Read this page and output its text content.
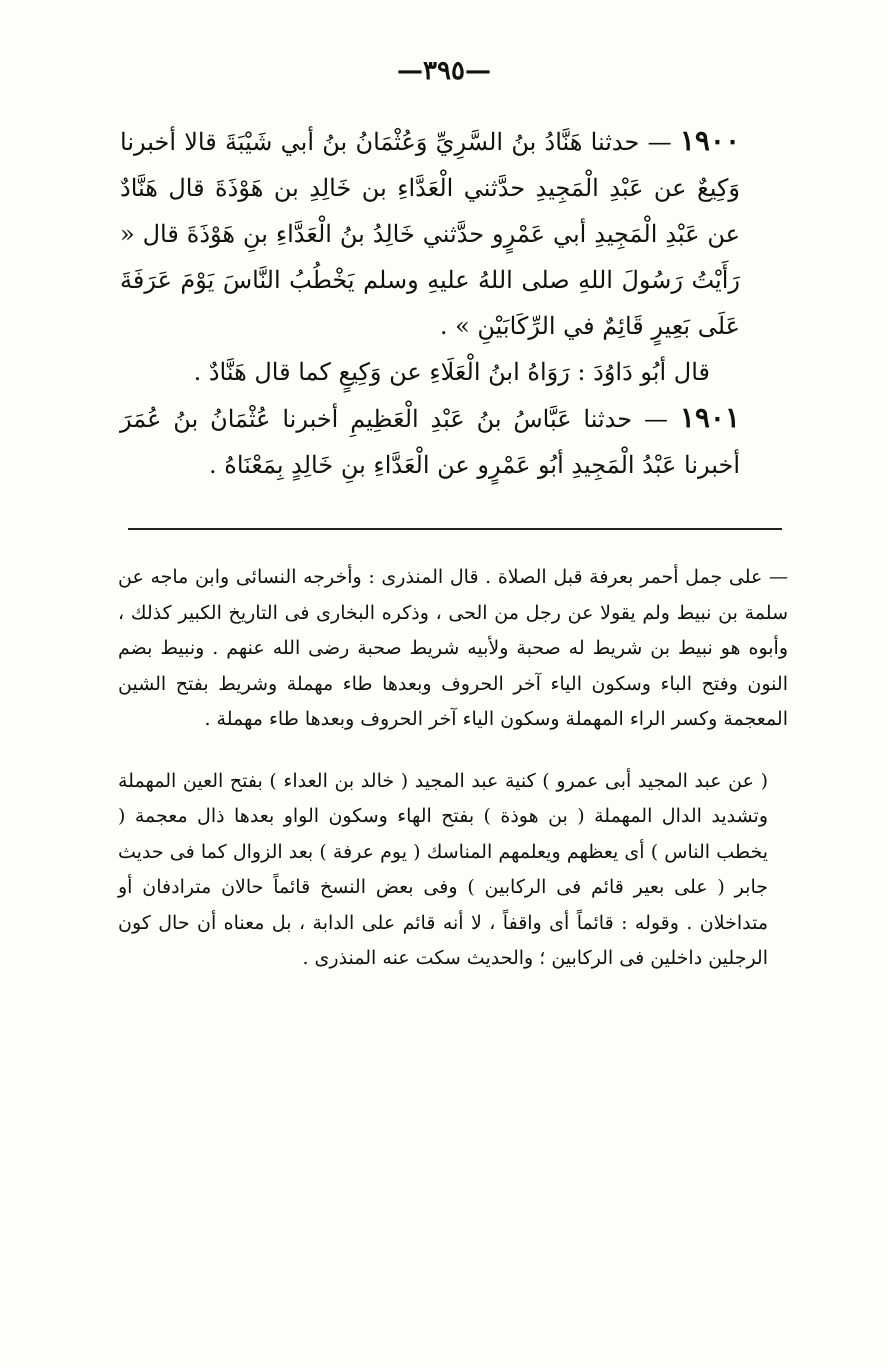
—٣٩٥—

١٩٠٠ — حدثنا هَنَّادُ بنُ السَّرِيِّ وَعُثْمَانُ بنُ أبي شَيْبَةَ قالا أخبرنا وَكِيعٌ عن عَبْدِ الْمَجِيدِ حدَّثني الْعَدَّاءِ بن خَالِدِ بن هَوْذَةَ قال هَنَّادٌ عن عَبْدِ الْمَجِيدِ أبي عَمْرٍو حدَّثني خَالِدُ بنُ الْعَدَّاءِ بنِ هَوْذَةَ قال « رَأَيْتُ رَسُولَ اللهِ صلى اللهُ عليهِ وسلم يَخْطُبُ النَّاسَ يَوْمَ عَرَفَةَ عَلَى بَعِيرٍ قَائِمٌ في الرِّكَابَيْنِ » .

قال أبُو دَاوُدَ : رَوَاهُ ابنُ الْعَلَاءِ عن وَكِيعٍ كما قال هَنَّادٌ .

١٩٠١ — حدثنا عَبَّاسُ بنُ عَبْدِ الْعَظِيمِ أخبرنا عُثْمَانُ بنُ عُمَرَ أخبرنا عَبْدُ الْمَجِيدِ أبُو عَمْرٍو عن الْعَدَّاءِ بنِ خَالِدٍ بِمَعْنَاهُ .

— على جمل أحمر بعرفة قبل الصلاة . قال المنذرى : وأخرجه النسائى وابن ماجه عن سلمة بن نبيط ولم يقولا عن رجل من الحى ، وذكره البخارى فى التاريخ الكبير كذلك ، وأبوه هو نبيط بن شريط له صحبة ولأبيه شريط صحبة رضى الله عنهم . ونبيط بضم النون وفتح الباء وسكون الياء آخر الحروف وبعدها طاء مهملة وشريط بفتح الشين المعجمة وكسر الراء المهملة وسكون الياء آخر الحروف وبعدها طاء مهملة .

( عن عبد المجيد أبى عمرو ) كنية عبد المجيد ( خالد بن العداء ) بفتح العين المهملة وتشديد الدال المهملة ( بن هوذة ) بفتح الهاء وسكون الواو بعدها ذال معجمة ( يخطب الناس ) أى يعظهم ويعلمهم المناسك ( يوم عرفة ) بعد الزوال كما فى حديث جابر ( على بعير قائم فى الركابين ) وفى بعض النسخ قائماً حالان مترادفان أو متداخلان . وقوله : قائماً أى واقفاً ، لا أنه قائم على الدابة ، بل معناه أن حال كون الرجلين داخلين فى الركابين ؛ والحديث سكت عنه المنذرى .
